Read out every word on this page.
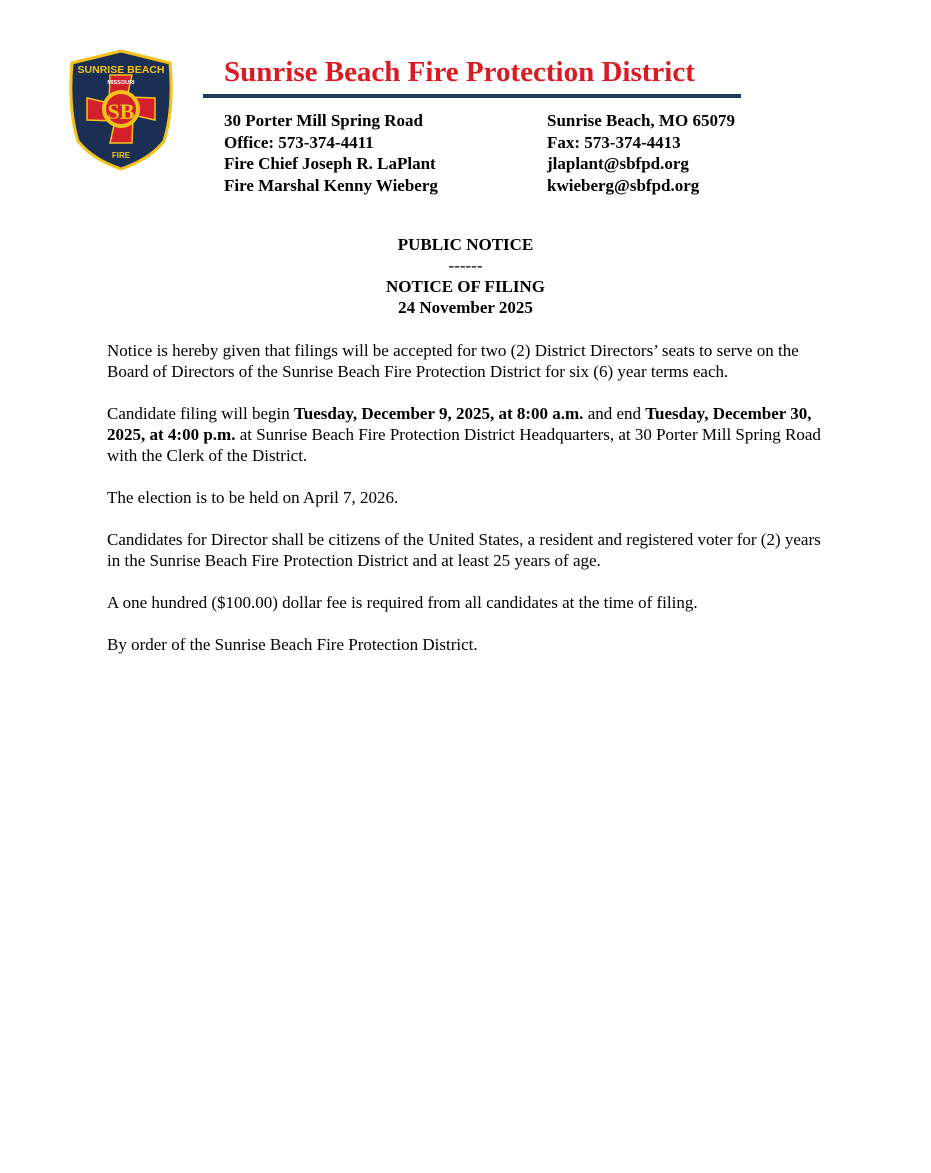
SUNRISE BEACH
MISSOURI
SB
FIRE
Sunrise Beach Fire Protection District
30 Porter Mill Spring Road
Office: 573-374-4411
Fire Chief Joseph R. LaPlant
Fire Marshal Kenny Wieberg
Sunrise Beach, MO 65079
Fax: 573-374-4413
jlaplant@sbfpd.org
kwieberg@sbfpd.org
PUBLIC NOTICE
------
NOTICE OF FILING
24 November 2025

Notice is hereby given that filings will be accepted for two (2) District Directors’ seats to serve on the Board of Directors of the Sunrise Beach Fire Protection District for six (6) year terms each.

Candidate filing will begin Tuesday, December 9, 2025, at 8:00 a.m. and end Tuesday, December 30, 2025, at 4:00 p.m. at Sunrise Beach Fire Protection District Headquarters, at 30 Porter Mill Spring Road with the Clerk of the District.

The election is to be held on April 7, 2026.

Candidates for Director shall be citizens of the United States, a resident and registered voter for (2) years in the Sunrise Beach Fire Protection District and at least 25 years of age.

A one hundred ($100.00) dollar fee is required from all candidates at the time of filing.

By order of the Sunrise Beach Fire Protection District.
